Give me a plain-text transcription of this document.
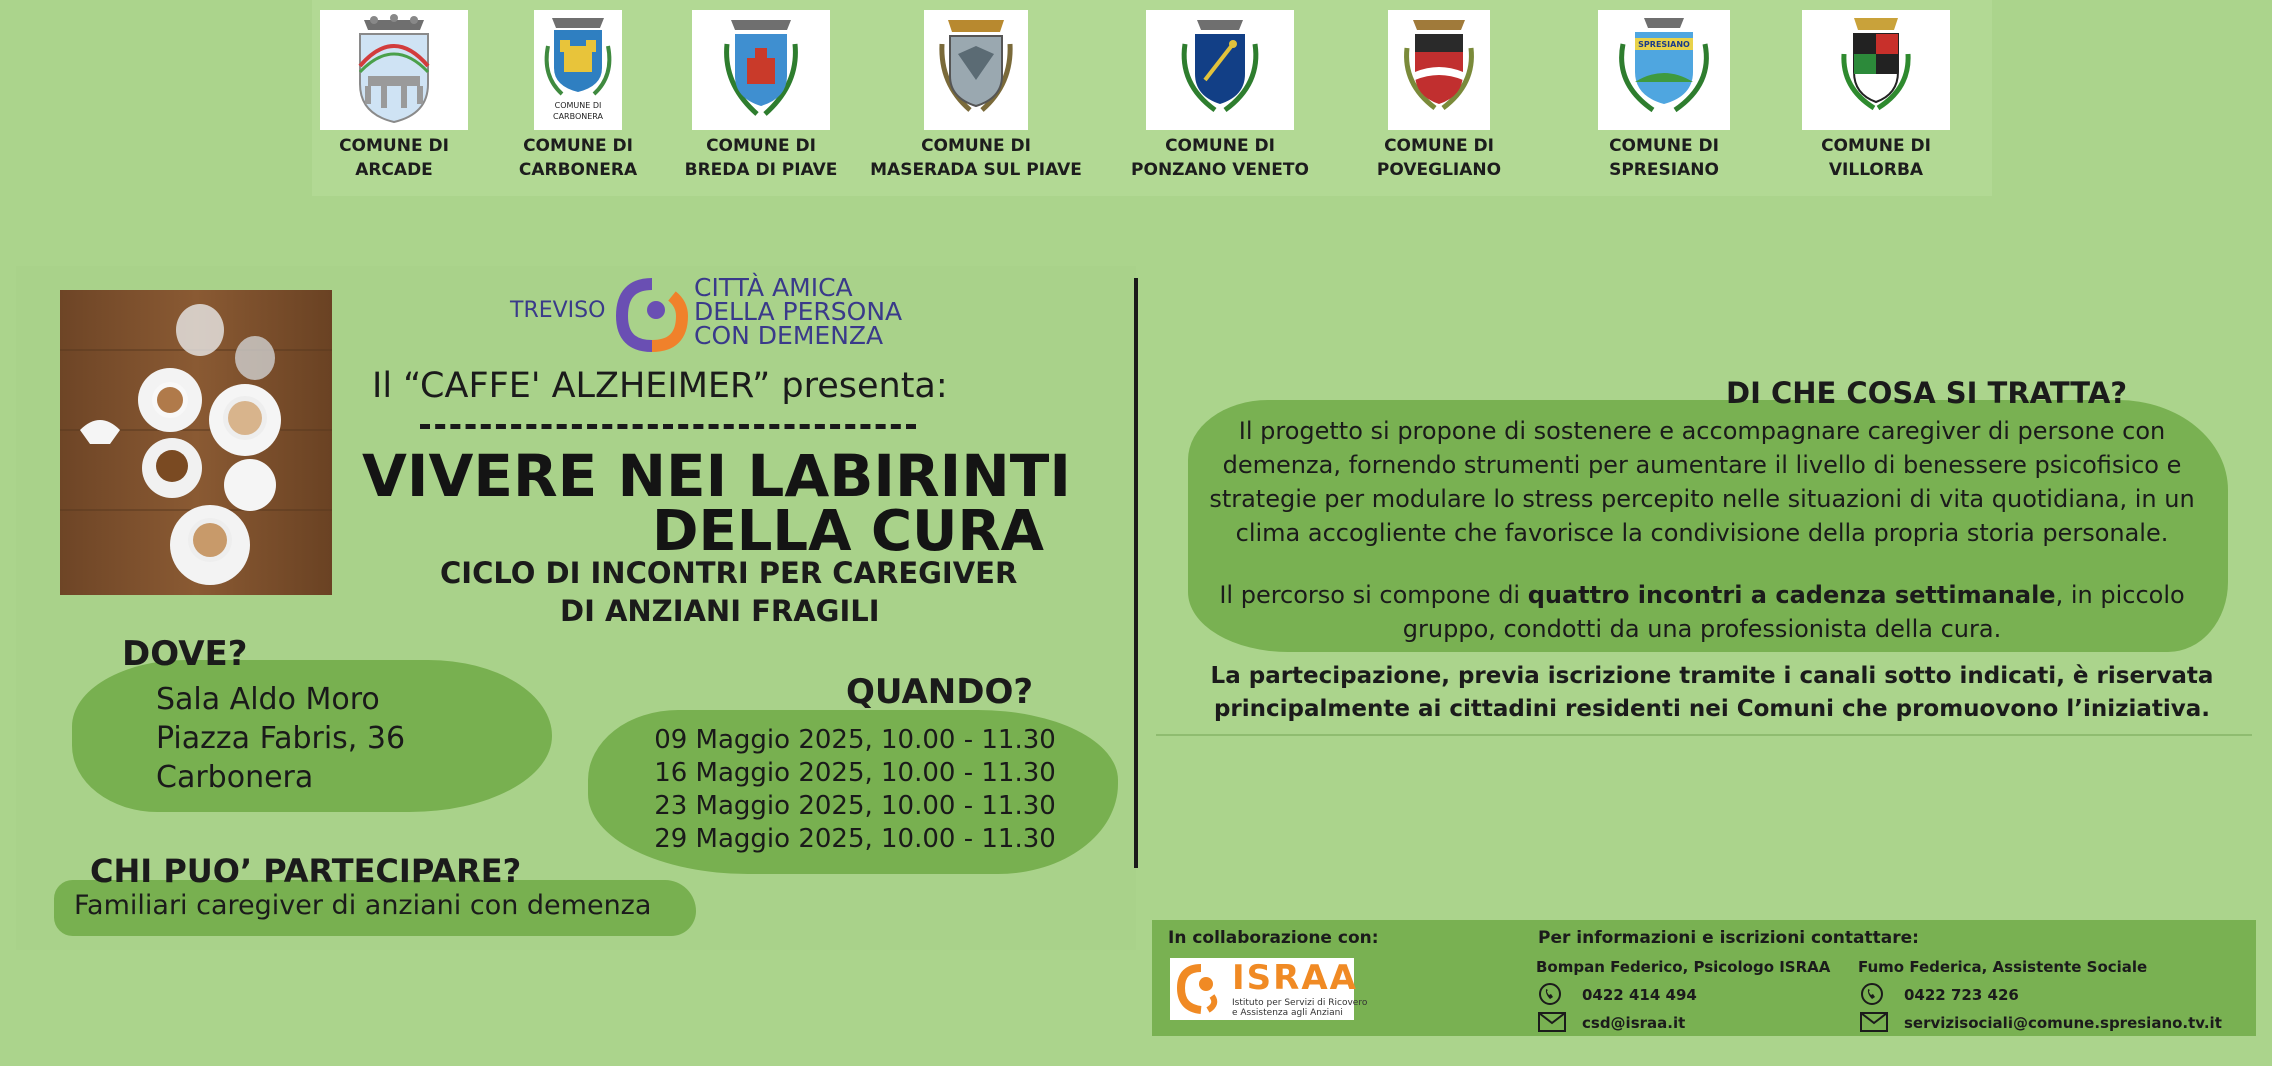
COMUNE DI
ARCADE
COMUNE DI
CARBONERA
COMUNE DI
CARBONERA
COMUNE DI
BREDA DI PIAVE
COMUNE DI
MASERADA SUL PIAVE
COMUNE DI
PONZANO VENETO
COMUNE DI
POVEGLIANO
SPRESIANO
COMUNE DI
SPRESIANO
COMUNE DI
VILLORBA
TREVISO
CITTÀ AMICA
DELLA PERSONA
CON DEMENZA
Il “CAFFE' ALZHEIMER” presenta:
VIVERE NEI LABIRINTI
DELLA CURA
CICLO DI INCONTRI PER CAREGIVER
DI ANZIANI FRAGILI
DOVE?
Sala Aldo Moro
Piazza Fabris, 36
Carbonera
QUANDO?
09 Maggio 2025, 10.00 - 11.30
16 Maggio 2025, 10.00 - 11.30
23 Maggio 2025, 10.00 - 11.30
29 Maggio 2025, 10.00 - 11.30
CHI PUO’ PARTECIPARE?
Familiari caregiver di anziani con demenza
DI CHE COSA SI TRATTA?
Il progetto si propone di sostenere e accompagnare caregiver di persone con demenza, fornendo strumenti per aumentare il livello di benessere psicofisico e strategie per modulare lo stress percepito nelle situazioni di vita quotidiana, in un clima accogliente che favorisce la condivisione della propria storia personale.
Il percorso si compone di quattro incontri a cadenza settimanale, in piccolo gruppo, condotti da una professionista della cura.
La partecipazione, previa iscrizione tramite i canali sotto indicati, è riservata principalmente ai cittadini residenti nei Comuni che promuovono l’iniziativa.
In collaborazione con:
ISRAA
Istituto per Servizi di Ricovero
e Assistenza agli Anziani
Per informazioni e iscrizioni contattare:
Bompan Federico, Psicologo ISRAA
0422 414 494
csd@israa.it
Fumo Federica, Assistente Sociale
0422 723 426
servizisociali@comune.spresiano.tv.it
